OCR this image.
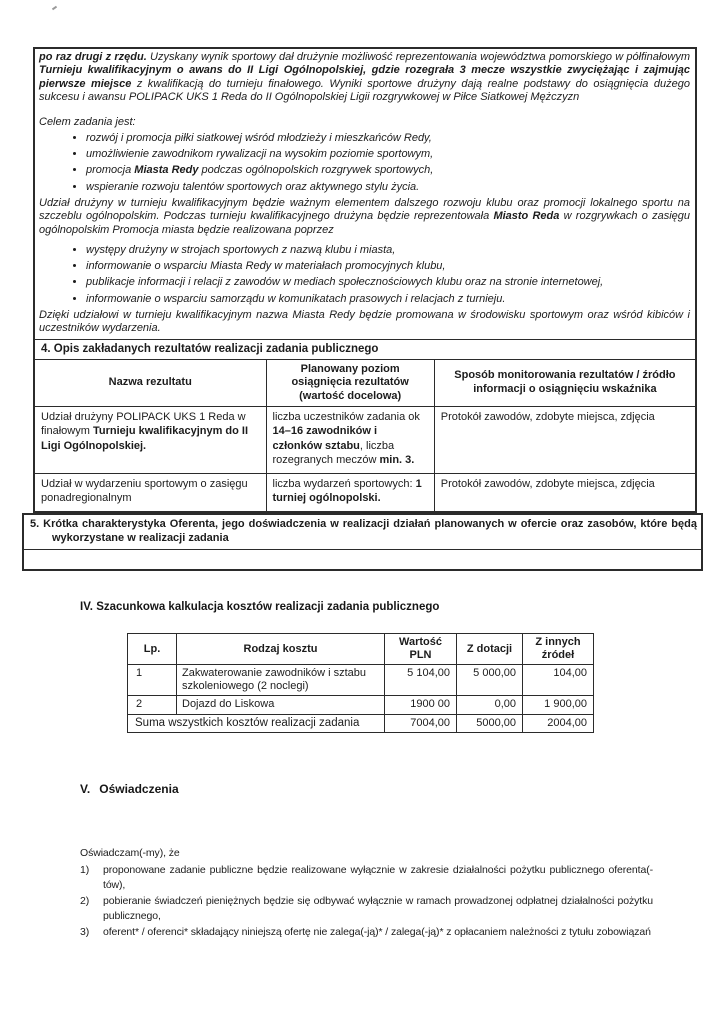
po raz drugi z rzędu. Uzyskany wynik sportowy dał drużynie możliwość reprezentowania województwa pomorskiego w półfinałowym Turnieju kwalifikacyjnym o awans do II Ligi Ogólnopolskiej, gdzie rozegrała 3 mecze wszystkie zwyciężając i zajmując pierwsze miejsce z kwalifikacją do turnieju finałowego. Wyniki sportowe drużyny dają realne podstawy do osiągnięcia dużego sukcesu i awansu POLIPACK UKS 1 Reda do II Ogólnopolskiej Ligii rozgrywkowej w Piłce Siatkowej Mężczyzn

Celem zadania jest:

• rozwój i promocja piłki siatkowej wśród młodzieży i mieszkańców Redy,
• umożliwienie zawodnikom rywalizacji na wysokim poziomie sportowym,
• promocja Miasta Redy podczas ogólnopolskich rozgrywek sportowych,
• wspieranie rozwoju talentów sportowych oraz aktywnego stylu życia.

Udział drużyny w turnieju kwalifikacyjnym będzie ważnym elementem dalszego rozwoju klubu oraz promocji lokalnego sportu na szczeblu ogólnopolskim. Podczas turnieju kwalifikacyjnego drużyna będzie reprezentowała Miasto Reda w rozgrywkach o zasięgu ogólnopolskim Promocja miasta będzie realizowana poprzez

• występy drużyny w strojach sportowych z nazwą klubu i miasta,
• informowanie o wsparciu Miasta Redy w materiałach promocyjnych klubu,
• publikacje informacji i relacji z zawodów w mediach społecznościowych klubu oraz na stronie internetowej,
• informowanie o wsparciu samorządu w komunikatach prasowych i relacjach z turnieju.

Dzięki udziałowi w turnieju kwalifikacyjnym nazwa Miasta Redy będzie promowana w środowisku sportowym oraz wśród kibiców i uczestników wydarzenia.

4. Opis zakładanych rezultatów realizacji zadania publicznego
Nazwa rezultatu	Planowany poziom osiągnięcia rezultatów (wartość docelowa)	Sposób monitorowania rezultatów / źródło informacji o osiągnięciu wskaźnika
Udział drużyny POLIPACK UKS 1 Reda w finałowym Turnieju kwalifikacyjnym do II Ligi Ogólnopolskiej.	liczba uczestników zadania ok 14–16 zawodników i członków sztabu, liczba rozegranych meczów min. 3.	Protokół zawodów, zdobyte miejsca, zdjęcia
Udział w wydarzeniu sportowym o zasięgu ponadregionalnym	liczba wydarzeń sportowych: 1 turniej ogólnopolski.	Protokół zawodów, zdobyte miejsca, zdjęcia
5. Krótka charakterystyka Oferenta, jego doświadczenia w realizacji działań planowanych w ofercie oraz zasobów, które będą wykorzystane w realizacji zadania
IV. Szacunkowa kalkulacja kosztów realizacji zadania publicznego
Lp.	Rodzaj kosztu	Wartość PLN	Z dotacji	Z innych źródeł
1	Zakwaterowanie zawodników i sztabu szkoleniowego (2 noclegi)	5 104,00	5 000,00	104,00
2	Dojazd do Liskowa	1900 00	0,00	1 900,00
Suma wszystkich kosztów realizacji zadania		7004,00	5000,00	2004,00
V. Oświadczenia

Oświadczam(-my), że

1)	proponowane zadanie publiczne będzie realizowane wyłącznie w zakresie działalności pożytku publicznego oferenta(-tów),
2)	pobieranie świadczeń pieniężnych będzie się odbywać wyłącznie w ramach prowadzonej odpłatnej działalności pożytku publicznego,
3)	oferent* / oferenci* składający niniejszą ofertę nie zalega(-ją)* / zalega(-ją)* z opłacaniem należności z tytułu zobowiązań
